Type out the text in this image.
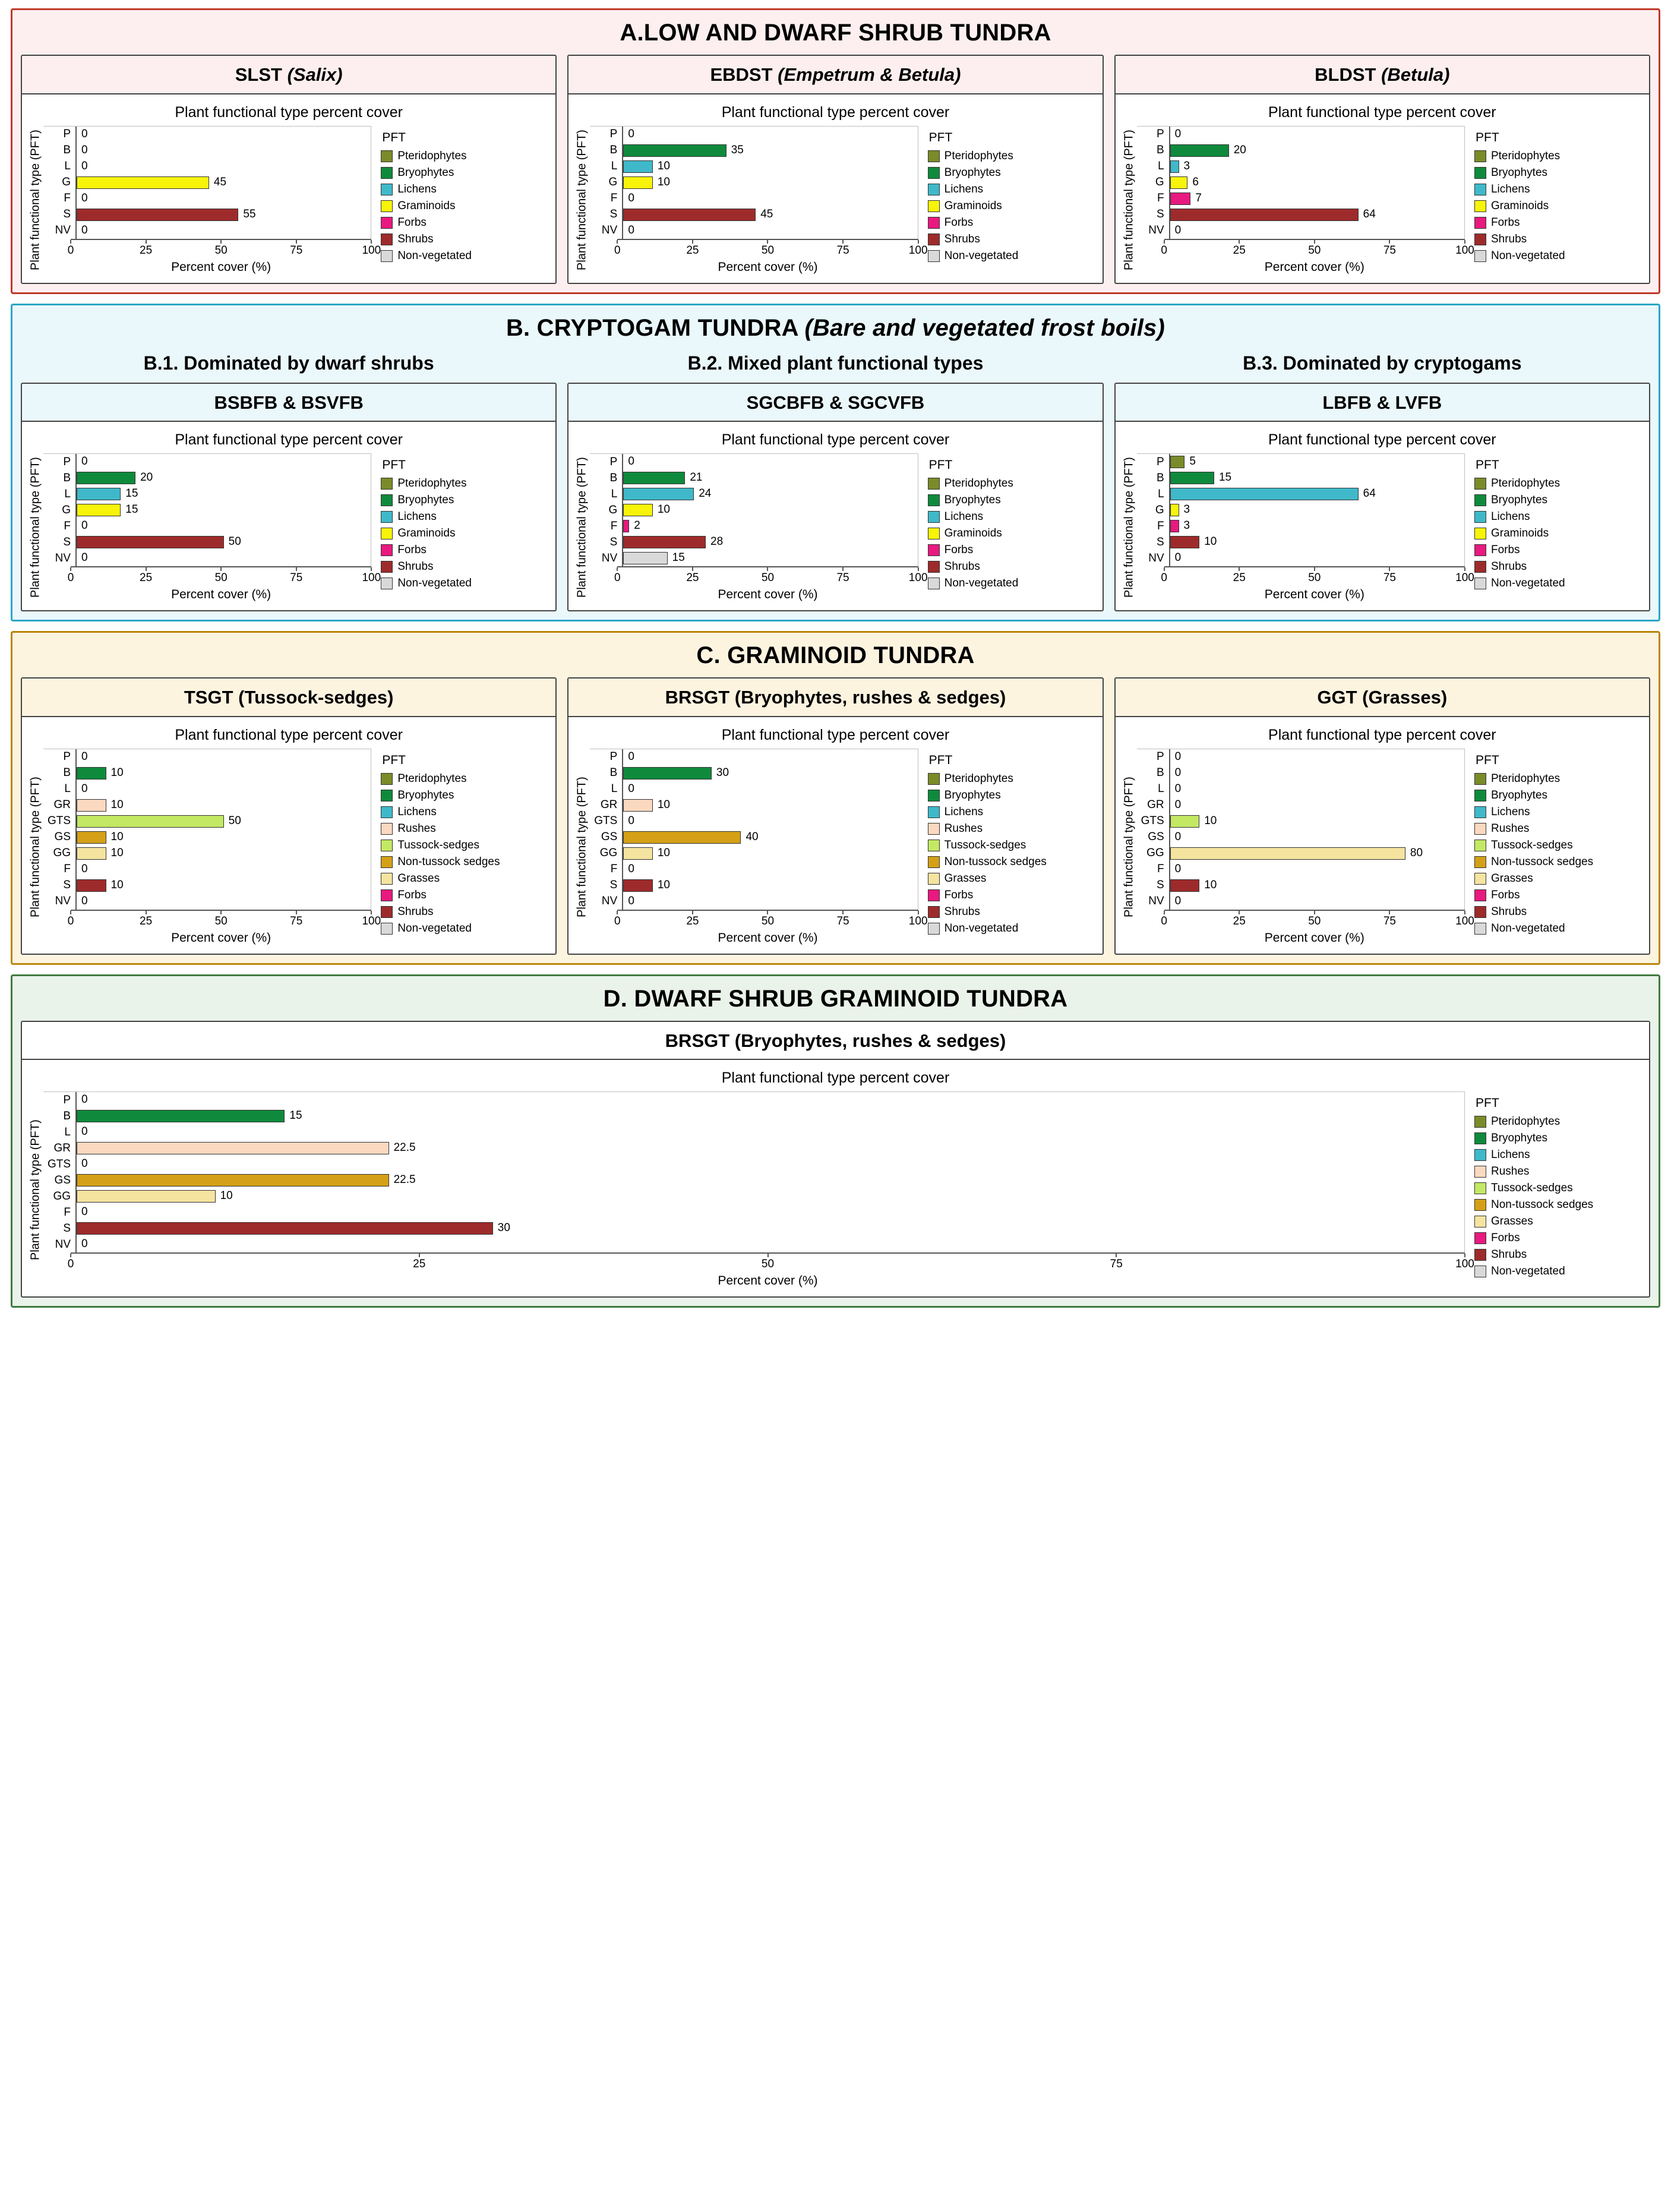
A.LOW AND DWARF SHRUB TUNDRA
SLST (Salix)
Plant functional type percent cover
Plant functional type (PFT)	P 0
B 0
L 0
G	45
F 0
S	55
NV 0
0	25	50	75	100
Percent cover (%)
PFT
Pteridophytes
Bryophytes
Lichens
Graminoids
Forbs
Shrubs
Non-vegetated
EBDST (Empetrum & Betula)
Plant functional type percent cover
Plant functional type (PFT)	P 0
B	35
L	10
G	10
F 0
S	45
NV 0
0	25	50	75	100
Percent cover (%)
PFT
Pteridophytes
Bryophytes
Lichens
Graminoids
Forbs
Shrubs
Non-vegetated
BLDST (Betula)
Plant functional type percent cover
Plant functional type (PFT)	P 0
B	20
L	3
G	6
F	7
S	64
NV 0
0	25	50	75	100
Percent cover (%)
PFT
Pteridophytes
Bryophytes
Lichens
Graminoids
Forbs
Shrubs
Non-vegetated
B. CRYPTOGAM TUNDRA (Bare and vegetated frost boils)
B.1. Dominated by dwarf shrubs	B.2. Mixed plant functional types	B.3. Dominated by cryptogams
BSBFB & BSVFB
Plant functional type percent cover
Plant functional type (PFT)	P 0
B	20
L	15
G	15
F 0
S	50
NV 0
0	25	50	75	100
Percent cover (%)
PFT
Pteridophytes
Bryophytes
Lichens
Graminoids
Forbs
Shrubs
Non-vegetated
SGCBFB & SGCVFB
Plant functional type percent cover
Plant functional type (PFT)	P 0
B	21
L	24
G	10
F	2
S	28
NV	15
0	25	50	75	100
Percent cover (%)
PFT
Pteridophytes
Bryophytes
Lichens
Graminoids
Forbs
Shrubs
Non-vegetated
LBFB & LVFB
Plant functional type percent cover
Plant functional type (PFT)	P	5
B	15
L	64
G	3
F	3
S	10
NV 0
0	25	50	75	100
Percent cover (%)
PFT
Pteridophytes
Bryophytes
Lichens
Graminoids
Forbs
Shrubs
Non-vegetated
C. GRAMINOID TUNDRA
TSGT (Tussock-sedges)
Plant functional type percent cover
Plant functional type (PFT)
P 0
B	10
L 0
GR	10
GTS	50
GS	10
GG	10
F 0
S	10
NV 0
0	25	50	75	100
Percent cover (%)
PFT
Pteridophytes
Bryophytes
Lichens
Rushes
Tussock-sedges
Non-tussock sedges
Grasses
Forbs
Shrubs
Non-vegetated
BRSGT (Bryophytes, rushes & sedges)
Plant functional type percent cover
Plant functional type (PFT)
P 0
B	30
L 0
GR	10
GTS 0
GS	40
GG	10
F 0
S	10
NV 0
0	25	50	75	100
Percent cover (%)
PFT
Pteridophytes
Bryophytes
Lichens
Rushes
Tussock-sedges
Non-tussock sedges
Grasses
Forbs
Shrubs
Non-vegetated
GGT (Grasses)
Plant functional type percent cover
Plant functional type (PFT)
P 0
B 0
L 0
GR 0
GTS	10
GS 0
GG	80
F 0
S	10
NV 0
0	25	50	75	100
Percent cover (%)
PFT
Pteridophytes
Bryophytes
Lichens
Rushes
Tussock-sedges
Non-tussock sedges
Grasses
Forbs
Shrubs
Non-vegetated
D. DWARF SHRUB GRAMINOID TUNDRA
BRSGT (Bryophytes, rushes & sedges)
Plant functional type percent cover
Plant functional type (PFT)
P 0
B	15
L 0
GR	22.5
GTS 0
GS	22.5
GG	10
F 0
S	30
NV 0
0	25	50	75	100
Percent cover (%)
PFT
Pteridophytes
Bryophytes
Lichens
Rushes
Tussock-sedges
Non-tussock sedges
Grasses
Forbs
Shrubs
Non-vegetated
